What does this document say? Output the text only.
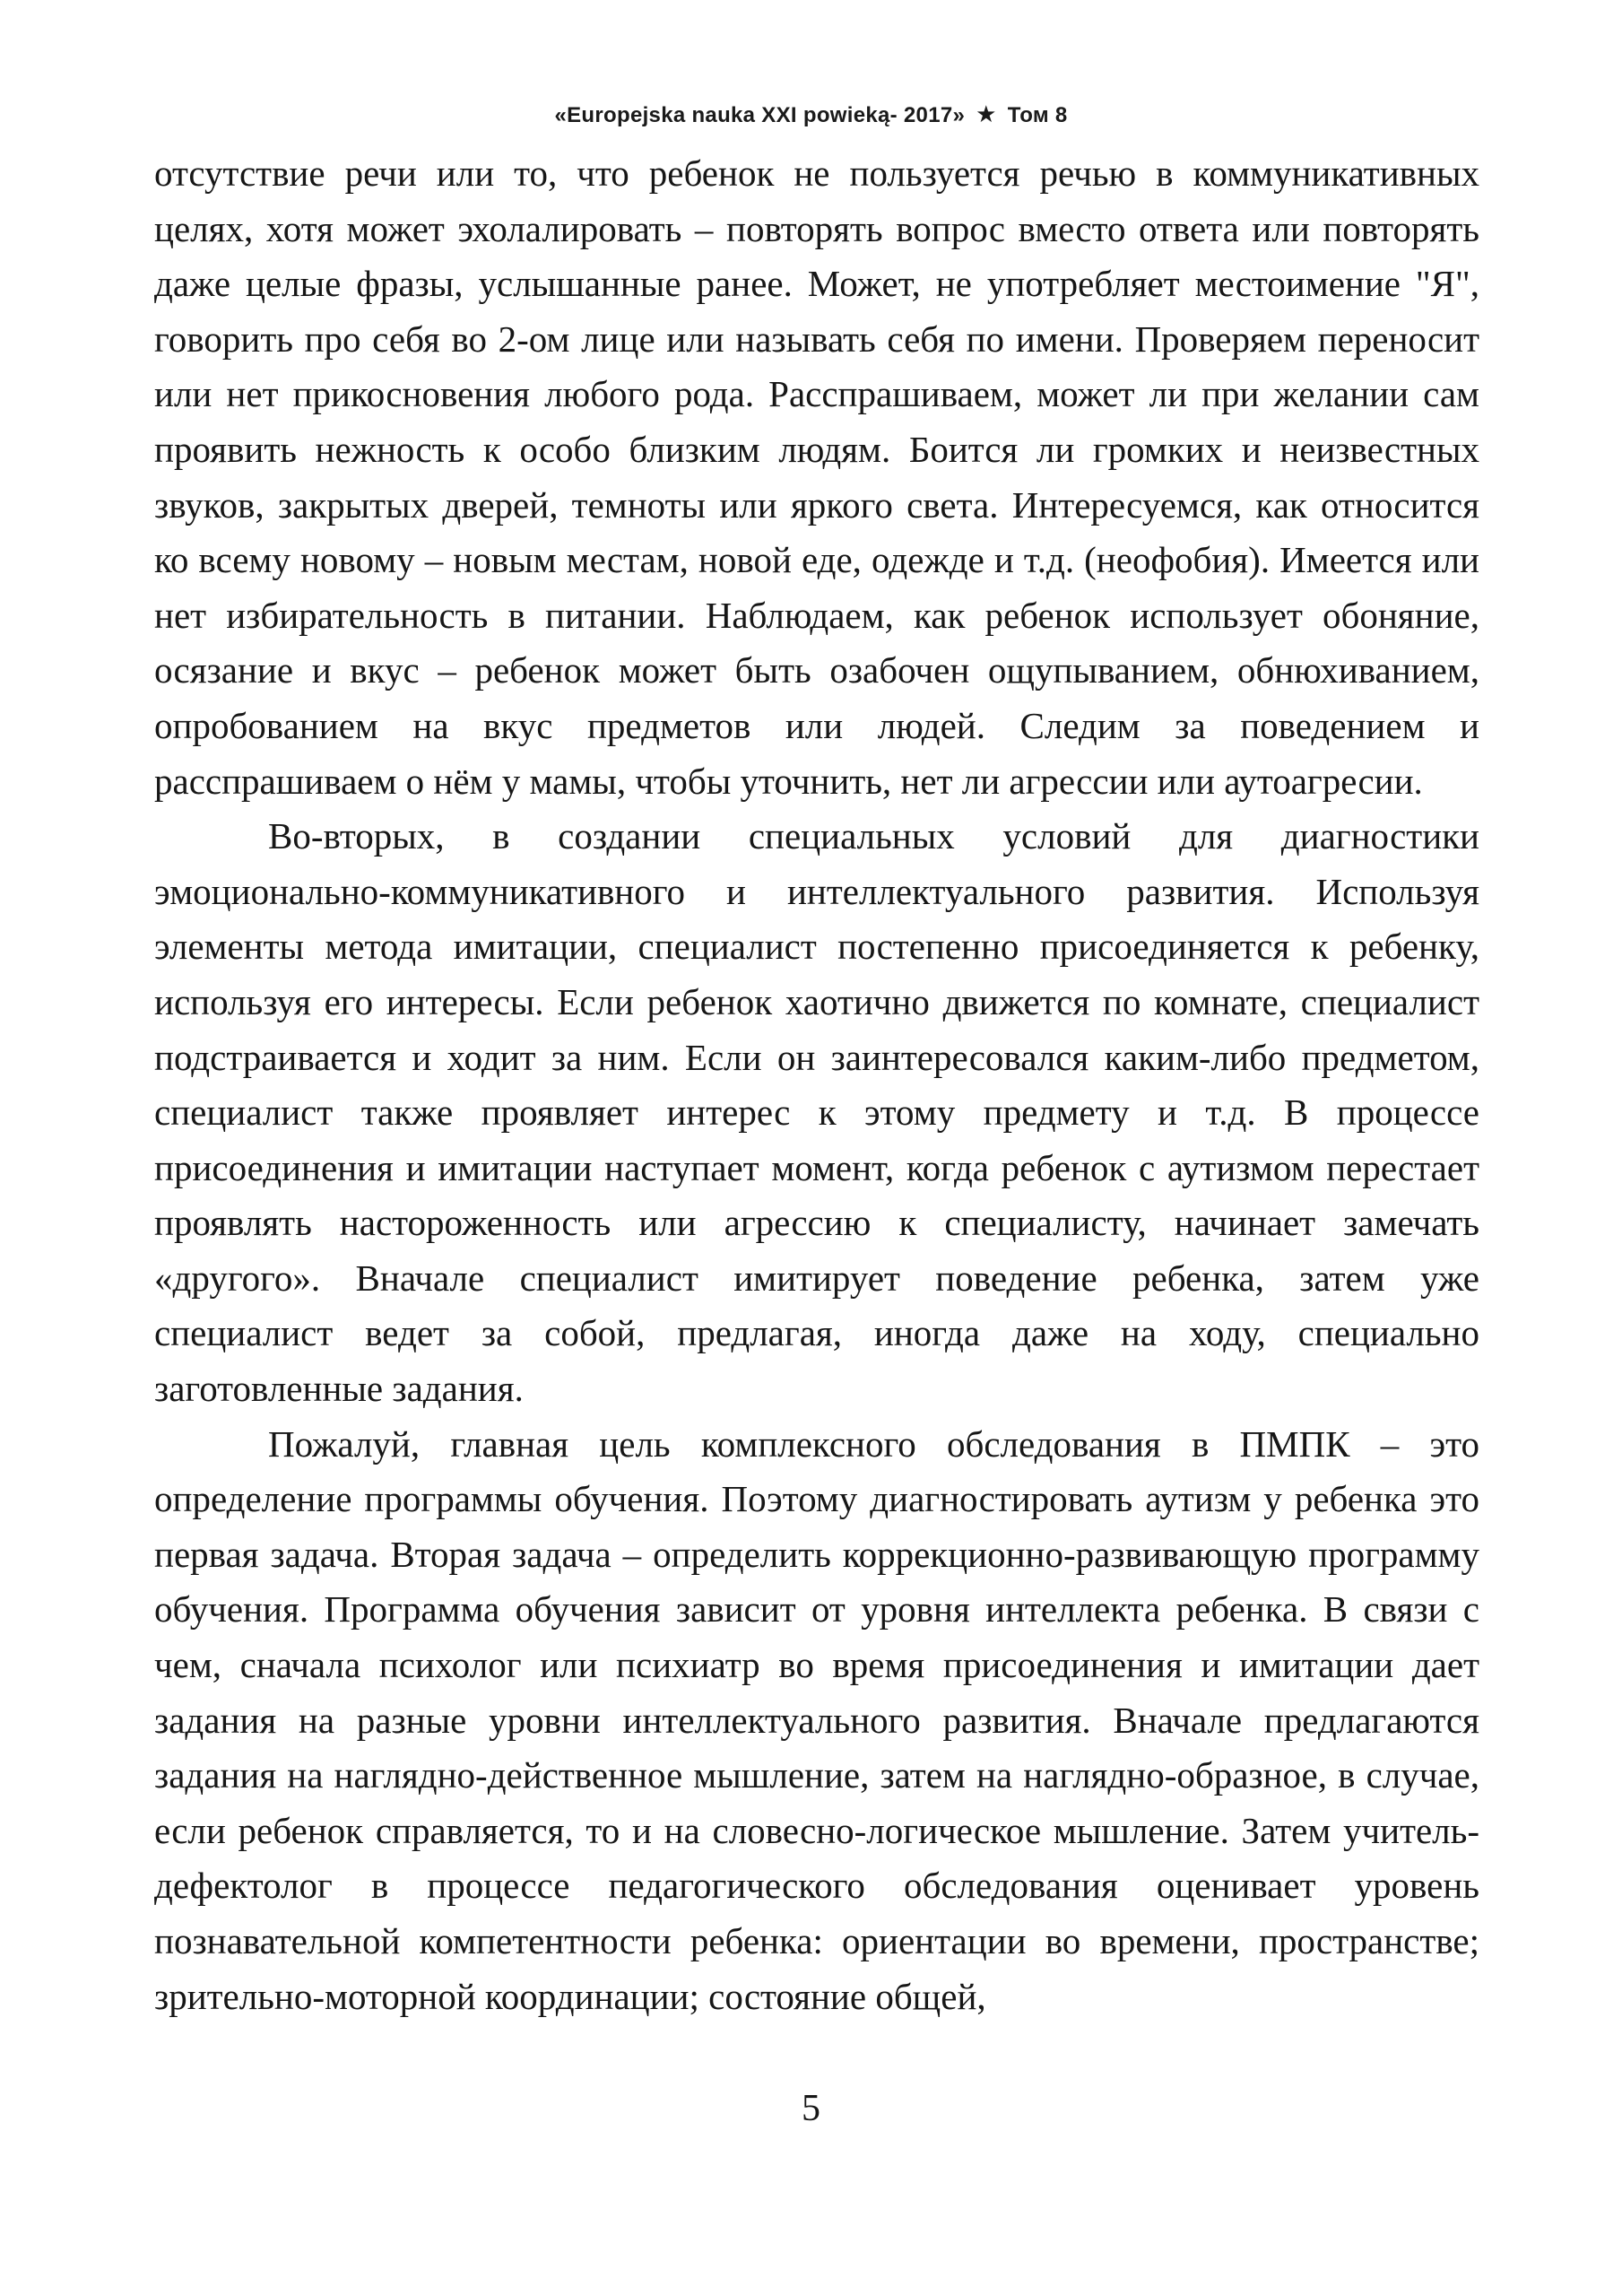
«Europejska nauka XXI powieką- 2017» ★ Том 8

отсутствие речи или то, что ребенок не пользуется речью в коммуникативных целях, хотя может эхолалировать – повторять вопрос вместо ответа или повторять даже целые фразы, услышанные ранее. Может, не употребляет местоимение "Я", говорить про себя во 2-ом лице или называть себя по имени. Проверяем переносит или нет прикосновения любого рода. Расспрашиваем, может ли при желании сам проявить нежность к особо близким людям. Боится ли громких и неизвестных звуков, закрытых дверей, темноты или яркого света. Интересуемся, как относится ко всему новому – новым местам, новой еде, одежде и т.д. (неофобия). Имеется или нет избирательность в питании. Наблюдаем, как ребенок использует обоняние, осязание и вкус – ребенок может быть озабочен ощупыванием, обнюхиванием, опробованием на вкус предметов или людей. Следим за поведением и расспрашиваем о нём у мамы, чтобы уточнить, нет ли агрессии или аутоагресии.

Во-вторых, в создании специальных условий для диагностики эмоционально-коммуникативного и интеллектуального развития. Используя элементы метода имитации, специалист постепенно присоединяется к ребенку, используя его интересы. Если ребенок хаотично движется по комнате, специалист подстраивается и ходит за ним. Если он заинтересовался каким-либо предметом, специалист также проявляет интерес к этому предмету и т.д. В процессе присоединения и имитации наступает момент, когда ребенок с аутизмом перестает проявлять настороженность или агрессию к специалисту, начинает замечать «другого». Вначале специалист имитирует поведение ребенка, затем уже специалист ведет за собой, предлагая, иногда даже на ходу, специально заготовленные задания.

Пожалуй, главная цель комплексного обследования в ПМПК – это определение программы обучения. Поэтому диагностировать аутизм у ребенка это первая задача. Вторая задача – определить коррекционно-развивающую программу обучения. Программа обучения зависит от уровня интеллекта ребенка. В связи с чем, сначала психолог или психиатр во время присоединения и имитации дает задания на разные уровни интеллектуального развития. Вначале предлагаются задания на наглядно-действенное мышление, затем на наглядно-образное, в случае, если ребенок справляется, то и на словесно-логическое мышление. Затем учитель-дефектолог в процессе педагогического обследования оценивает уровень познавательной компетентности ребенка: ориентации во времени, пространстве; зрительно-моторной координации; состояние общей,

5
